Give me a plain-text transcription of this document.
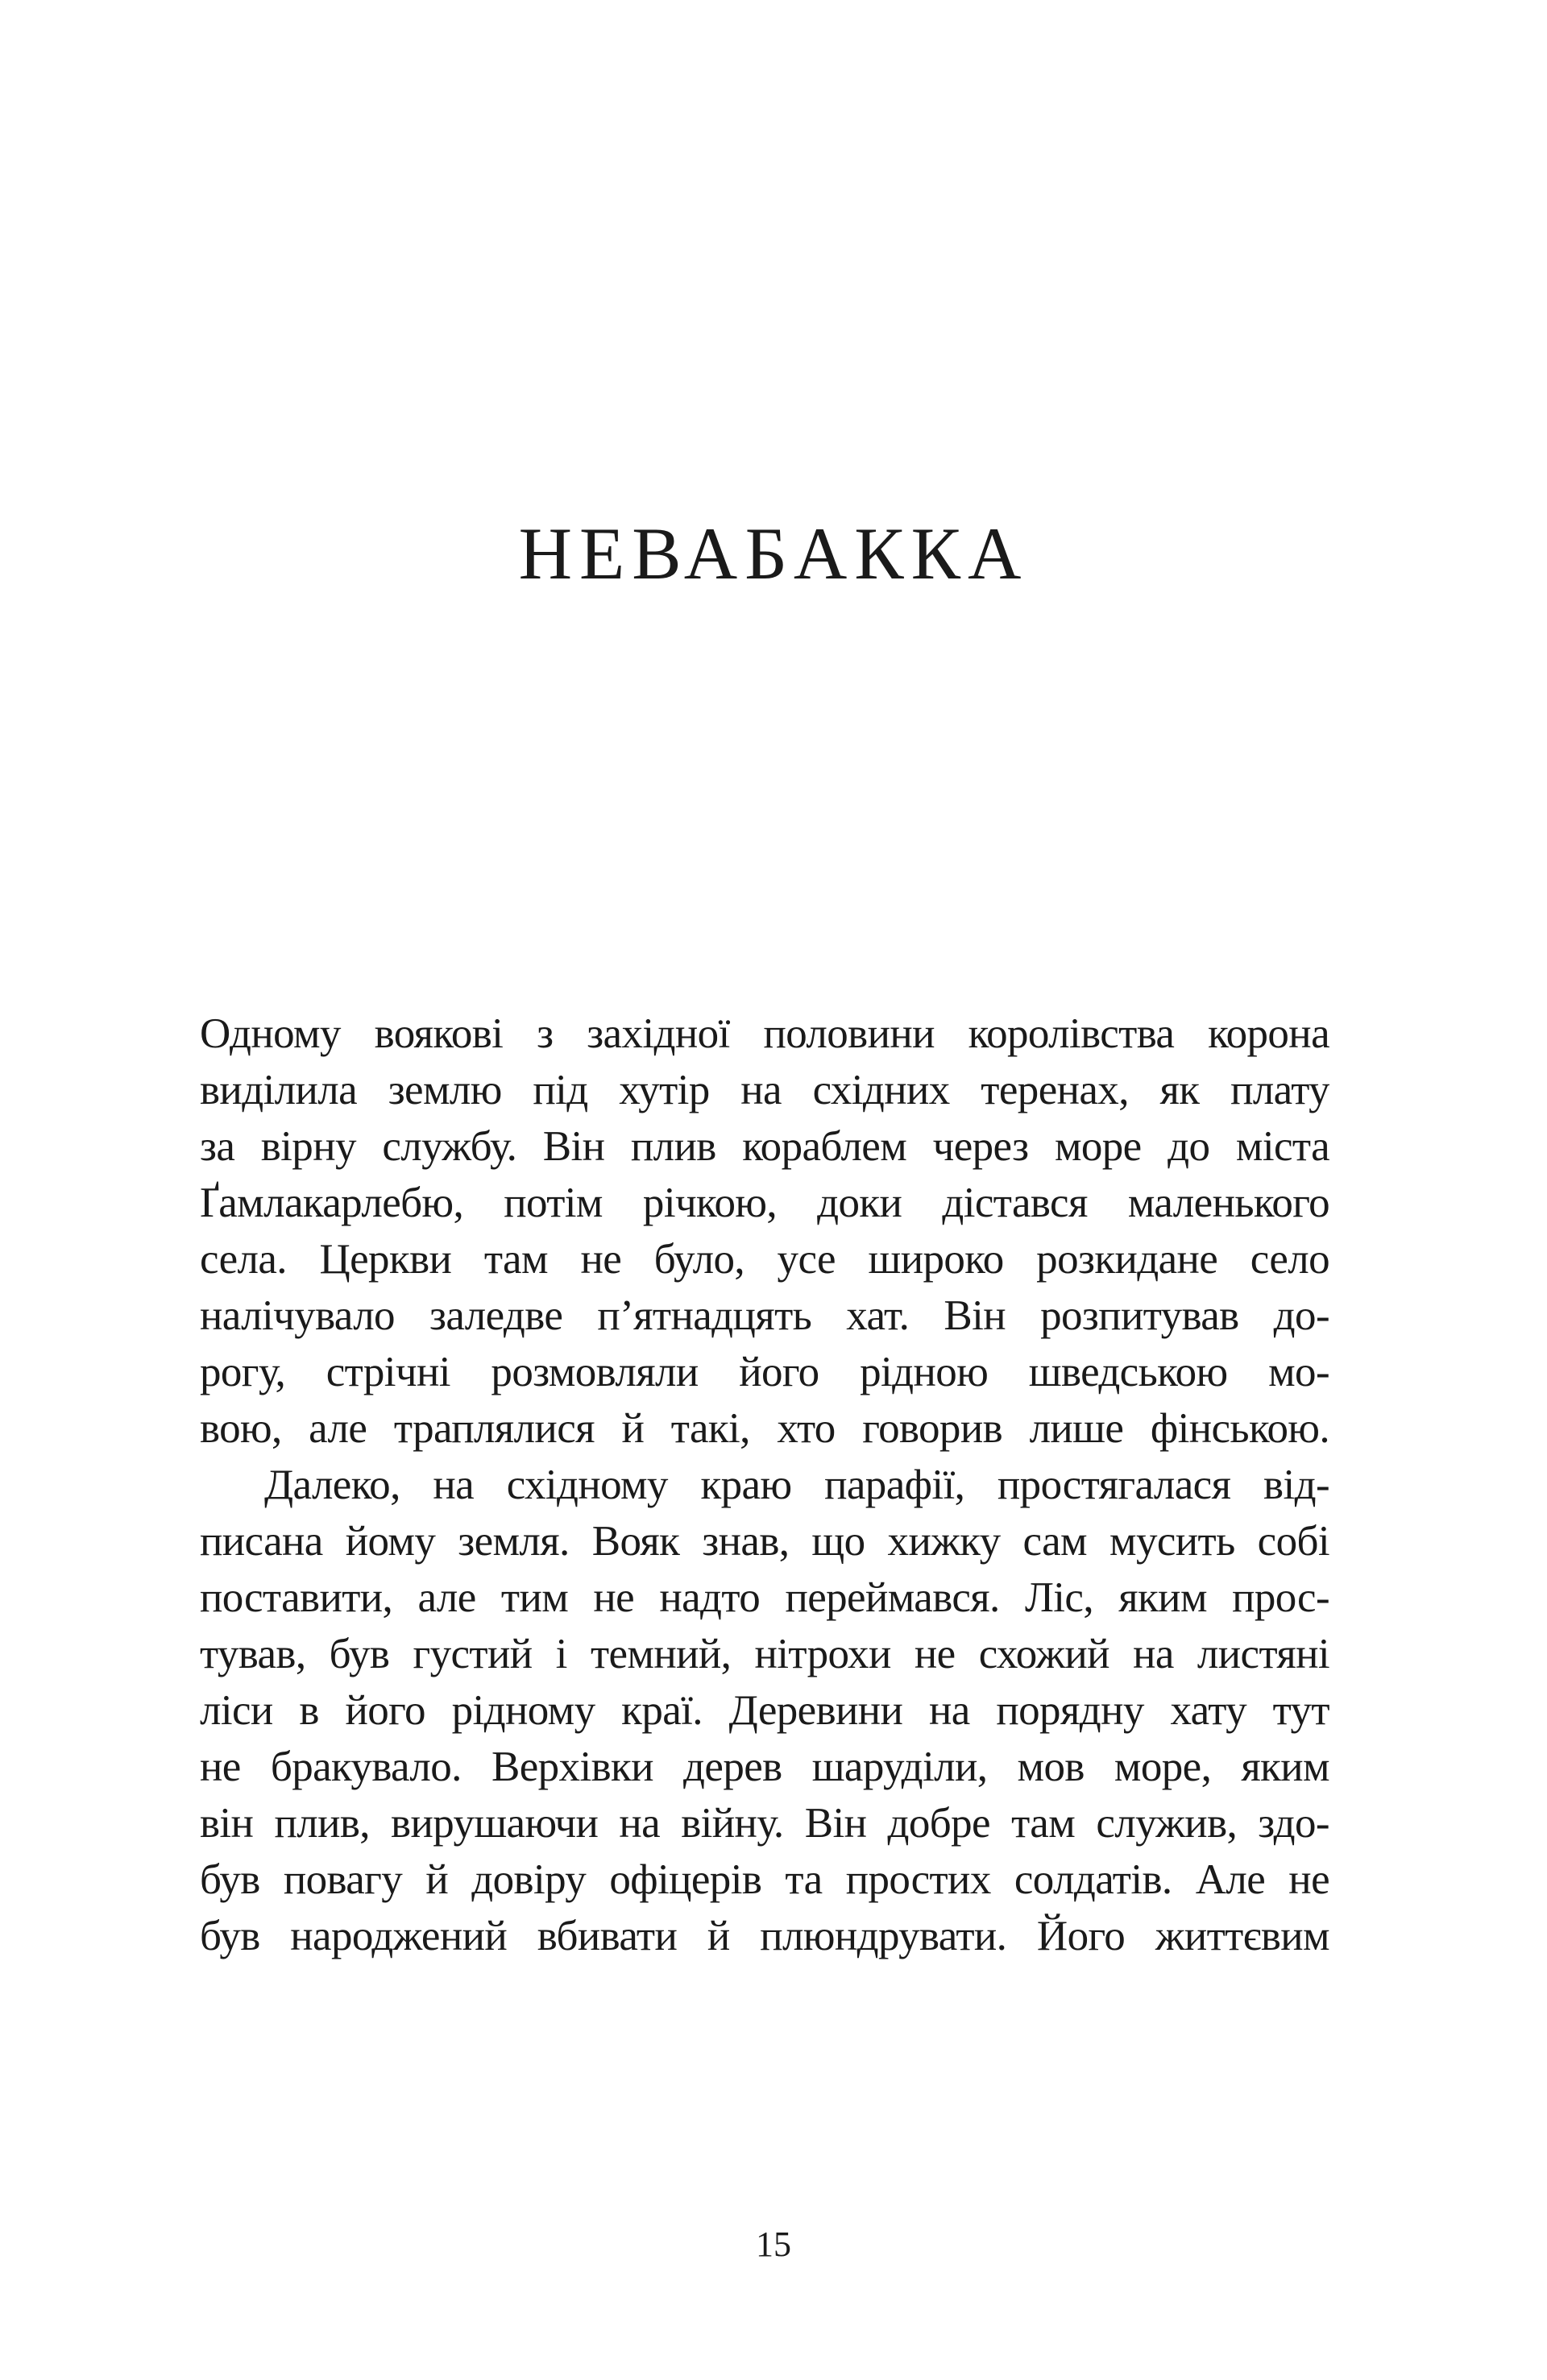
НЕВАБАККА
Одному воякові з західної половини королівства корона
виділила землю під хутір на східних теренах, як плату
за вірну службу. Він плив кораблем через море до міста
Ґамлакарлебю, потім річкою, доки дістався маленького
села. Церкви там не було, усе широко розкидане село
налічувало заледве п’ятнадцять хат. Він розпитував до-
рогу, стрічні розмовляли його рідною шведською мо-
вою, але траплялися й такі, хто говорив лише фінською.
Далеко, на східному краю парафії, простягалася від-
писана йому земля. Вояк знав, що хижку сам мусить собі
поставити, але тим не надто переймався. Ліс, яким прос-
тував, був густий і темний, нітрохи не схожий на листяні
ліси в його рідному краї. Деревини на порядну хату тут
не бракувало. Верхівки дерев шаруділи, мов море, яким
він плив, вирушаючи на війну. Він добре там служив, здо-
був повагу й довіру офіцерів та простих солдатів. Але не
був народжений вбивати й плюндрувати. Його життєвим
15
